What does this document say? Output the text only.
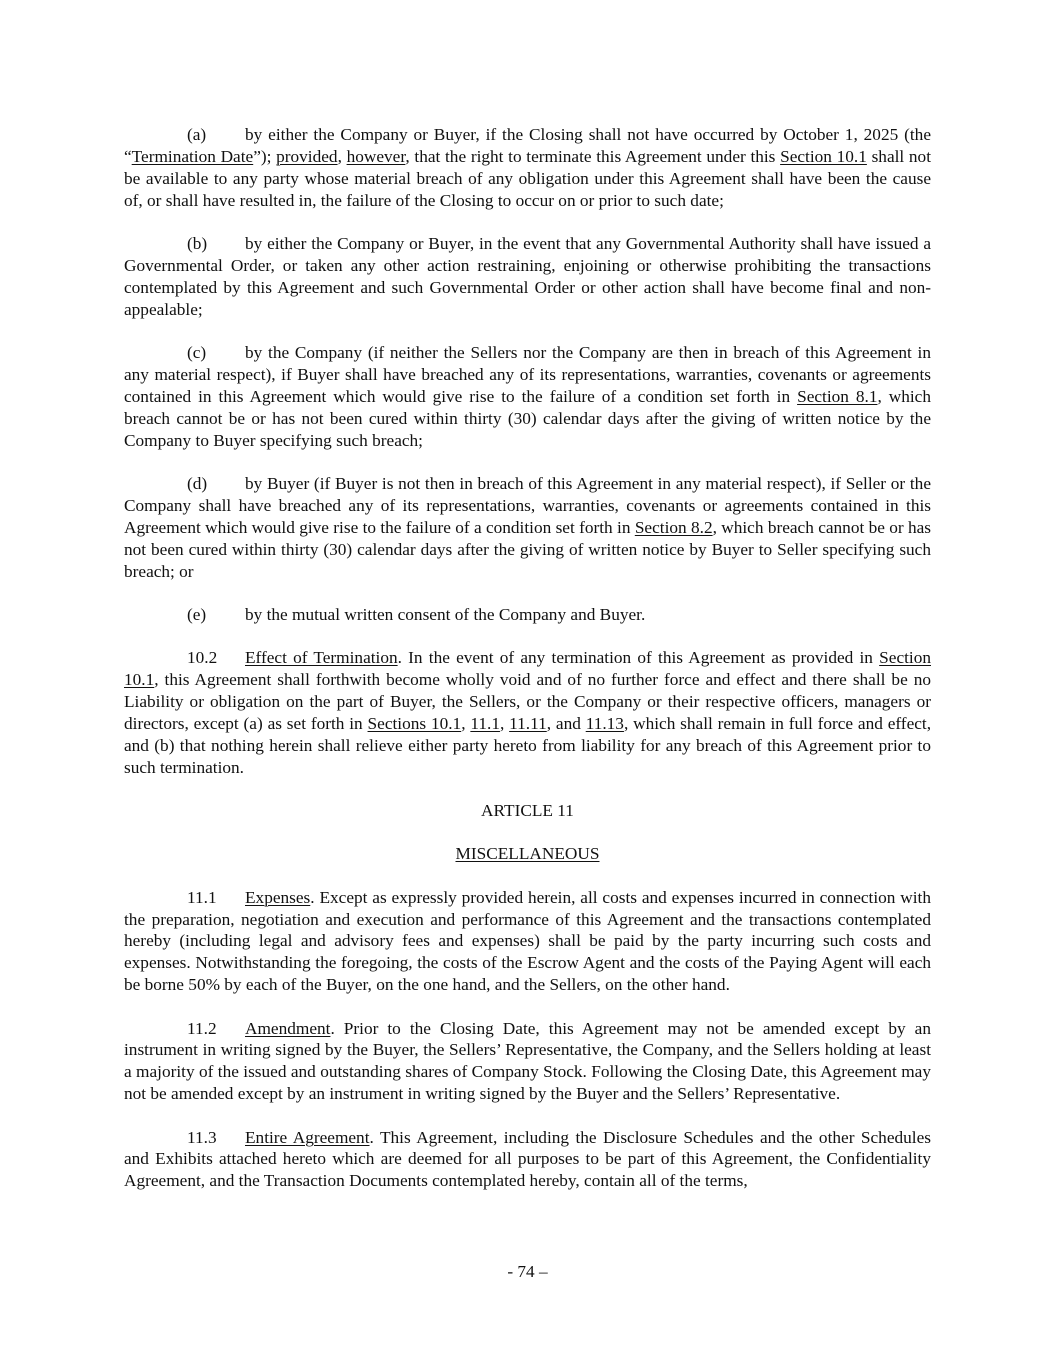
(a) by either the Company or Buyer, if the Closing shall not have occurred by October 1, 2025 (the “Termination Date”); provided, however, that the right to terminate this Agreement under this Section 10.1 shall not be available to any party whose material breach of any obligation under this Agreement shall have been the cause of, or shall have resulted in, the failure of the Closing to occur on or prior to such date;

(b) by either the Company or Buyer, in the event that any Governmental Authority shall have issued a Governmental Order, or taken any other action restraining, enjoining or otherwise prohibiting the transactions contemplated by this Agreement and such Governmental Order or other action shall have become final and non-appealable;

(c) by the Company (if neither the Sellers nor the Company are then in breach of this Agreement in any material respect), if Buyer shall have breached any of its representations, warranties, covenants or agreements contained in this Agreement which would give rise to the failure of a condition set forth in Section 8.1, which breach cannot be or has not been cured within thirty (30) calendar days after the giving of written notice by the Company to Buyer specifying such breach;

(d) by Buyer (if Buyer is not then in breach of this Agreement in any material respect), if Seller or the Company shall have breached any of its representations, warranties, covenants or agreements contained in this Agreement which would give rise to the failure of a condition set forth in Section 8.2, which breach cannot be or has not been cured within thirty (30) calendar days after the giving of written notice by Buyer to Seller specifying such breach; or

(e) by the mutual written consent of the Company and Buyer.

10.2 Effect of Termination. In the event of any termination of this Agreement as provided in Section 10.1, this Agreement shall forthwith become wholly void and of no further force and effect and there shall be no Liability or obligation on the part of Buyer, the Sellers, or the Company or their respective officers, managers or directors, except (a) as set forth in Sections 10.1, 11.1, 11.11, and 11.13, which shall remain in full force and effect, and (b) that nothing herein shall relieve either party hereto from liability for any breach of this Agreement prior to such termination.

ARTICLE 11
MISCELLANEOUS

11.1 Expenses. Except as expressly provided herein, all costs and expenses incurred in connection with the preparation, negotiation and execution and performance of this Agreement and the transactions contemplated hereby (including legal and advisory fees and expenses) shall be paid by the party incurring such costs and expenses. Notwithstanding the foregoing, the costs of the Escrow Agent and the costs of the Paying Agent will each be borne 50% by each of the Buyer, on the one hand, and the Sellers, on the other hand.

11.2 Amendment. Prior to the Closing Date, this Agreement may not be amended except by an instrument in writing signed by the Buyer, the Sellers’ Representative, the Company, and the Sellers holding at least a majority of the issued and outstanding shares of Company Stock. Following the Closing Date, this Agreement may not be amended except by an instrument in writing signed by the Buyer and the Sellers’ Representative.

11.3 Entire Agreement. This Agreement, including the Disclosure Schedules and the other Schedules and Exhibits attached hereto which are deemed for all purposes to be part of this Agreement, the Confidentiality Agreement, and the Transaction Documents contemplated hereby, contain all of the terms,

- 74 –
